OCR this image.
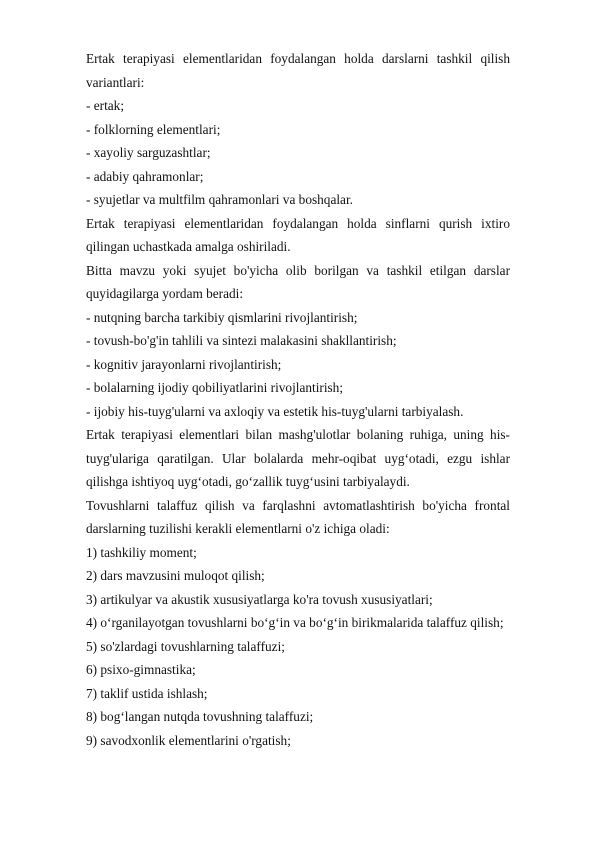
Ertak terapiyasi elementlaridan foydalangan holda darslarni tashkil qilish variantlari:

- ertak;

- folklorning elementlari;

- xayoliy sarguzashtlar;

- adabiy qahramonlar;

- syujetlar va multfilm qahramonlari va boshqalar.

Ertak terapiyasi elementlaridan foydalangan holda sinflarni qurish ixtiro qilingan uchastkada amalga oshiriladi.

Bitta mavzu yoki syujet bo'yicha olib borilgan va tashkil etilgan darslar quyidagilarga yordam beradi:

- nutqning barcha tarkibiy qismlarini rivojlantirish;

- tovush-bo'g'in tahlili va sintezi malakasini shakllantirish;

- kognitiv jarayonlarni rivojlantirish;

- bolalarning ijodiy qobiliyatlarini rivojlantirish;

- ijobiy his-tuyg'ularni va axloqiy va estetik his-tuyg'ularni tarbiyalash.

Ertak terapiyasi elementlari bilan mashg'ulotlar bolaning ruhiga, uning his-tuyg'ulariga qaratilgan. Ular bolalarda mehr-oqibat uyg‘otadi, ezgu ishlar qilishga ishtiyoq uyg‘otadi, go‘zallik tuyg‘usini tarbiyalaydi.

Tovushlarni talaffuz qilish va farqlashni avtomatlashtirish bo'yicha frontal darslarning tuzilishi kerakli elementlarni o'z ichiga oladi:

1) tashkiliy moment;

2) dars mavzusini muloqot qilish;

3) artikulyar va akustik xususiyatlarga ko'ra tovush xususiyatlari;

4) o‘rganilayotgan tovushlarni bo‘g‘in va bo‘g‘in birikmalarida talaffuz qilish;

5) so'zlardagi tovushlarning talaffuzi;

6) psixo-gimnastika;

7) taklif ustida ishlash;

8) bog‘langan nutqda tovushning talaffuzi;

9) savodxonlik elementlarini o'rgatish;
